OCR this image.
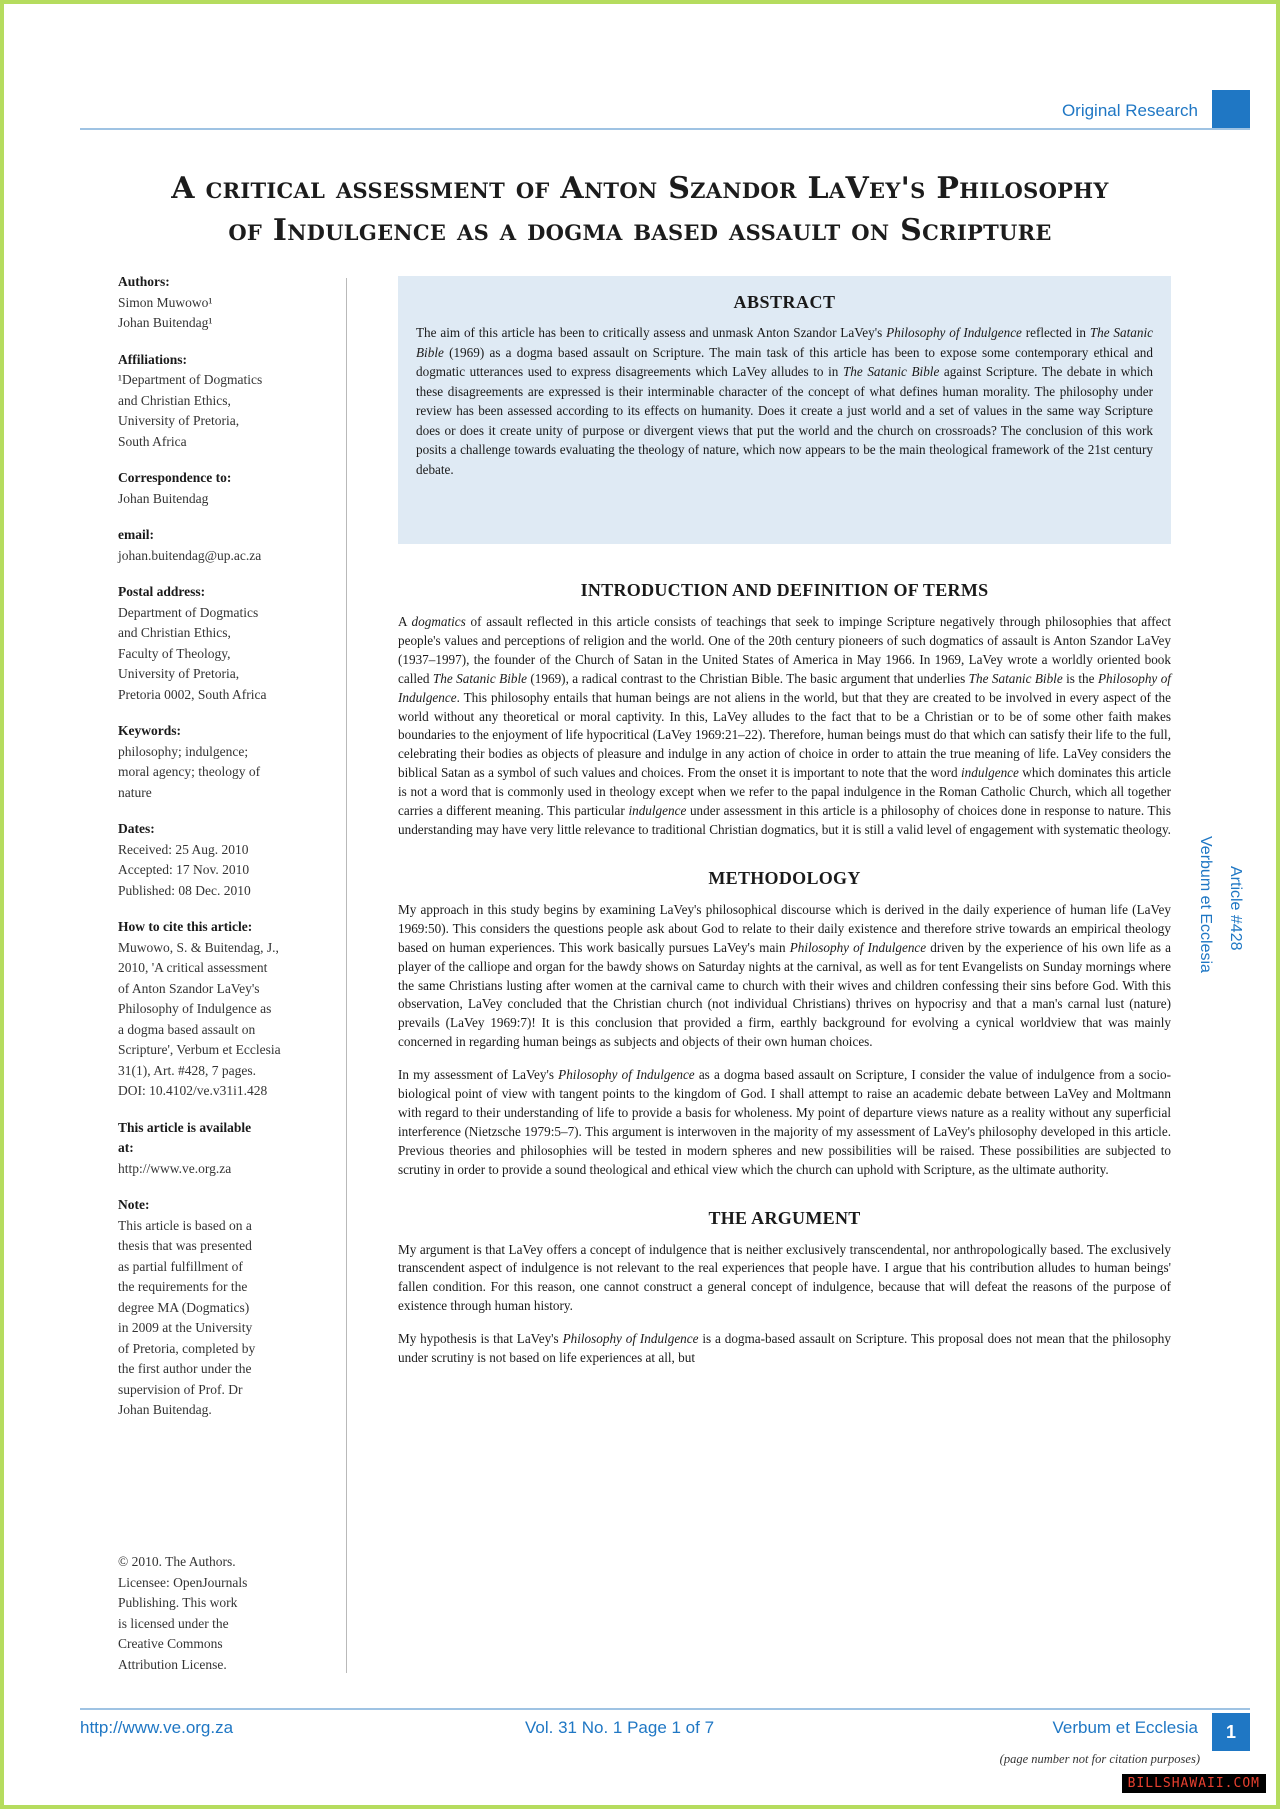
Original Research
A critical assessment of Anton Szandor LaVey's Philosophy
of Indulgence as a dogma based assault on Scripture
Authors:
Simon Muwowo¹
Johan Buitendag¹
Affiliations:
¹Department of Dogmatics
and Christian Ethics,
University of Pretoria,
South Africa
Correspondence to:
Johan Buitendag
email:
johan.buitendag@up.ac.za
Postal address:
Department of Dogmatics
and Christian Ethics,
Faculty of Theology,
University of Pretoria,
Pretoria 0002, South Africa
Keywords:
philosophy; indulgence;
moral agency; theology of
nature
Dates:
Received: 25 Aug. 2010
Accepted: 17 Nov. 2010
Published: 08 Dec. 2010
How to cite this article:
Muwowo, S. & Buitendag, J.,
2010, 'A critical assessment
of Anton Szandor LaVey's
Philosophy of Indulgence as
a dogma based assault on
Scripture', Verbum et Ecclesia
31(1), Art. #428, 7 pages.
DOI: 10.4102/ve.v31i1.428
This article is available
at:
http://www.ve.org.za
Note:
This article is based on a
thesis that was presented
as partial fulfillment of
the requirements for the
degree MA (Dogmatics)
in 2009 at the University
of Pretoria, completed by
the first author under the
supervision of Prof. Dr
Johan Buitendag.
© 2010. The Authors.
Licensee: OpenJournals
Publishing. This work
is licensed under the
Creative Commons
Attribution License.
ABSTRACT

The aim of this article has been to critically assess and unmask Anton Szandor LaVey's Philosophy of Indulgence reflected in The Satanic Bible (1969) as a dogma based assault on Scripture. The main task of this article has been to expose some contemporary ethical and dogmatic utterances used to express disagreements which LaVey alludes to in The Satanic Bible against Scripture. The debate in which these disagreements are expressed is their interminable character of the concept of what defines human morality. The philosophy under review has been assessed according to its effects on humanity. Does it create a just world and a set of values in the same way Scripture does or does it create unity of purpose or divergent views that put the world and the church on crossroads? The conclusion of this work posits a challenge towards evaluating the theology of nature, which now appears to be the main theological framework of the 21st century debate.

INTRODUCTION AND DEFINITION OF TERMS

A dogmatics of assault reflected in this article consists of teachings that seek to impinge Scripture negatively through philosophies that affect people's values and perceptions of religion and the world. One of the 20th century pioneers of such dogmatics of assault is Anton Szandor LaVey (1937–1997), the founder of the Church of Satan in the United States of America in May 1966. In 1969, LaVey wrote a worldly oriented book called The Satanic Bible (1969), a radical contrast to the Christian Bible. The basic argument that underlies The Satanic Bible is the Philosophy of Indulgence. This philosophy entails that human beings are not aliens in the world, but that they are created to be involved in every aspect of the world without any theoretical or moral captivity. In this, LaVey alludes to the fact that to be a Christian or to be of some other faith makes boundaries to the enjoyment of life hypocritical (LaVey 1969:21–22). Therefore, human beings must do that which can satisfy their life to the full, celebrating their bodies as objects of pleasure and indulge in any action of choice in order to attain the true meaning of life. LaVey considers the biblical Satan as a symbol of such values and choices. From the onset it is important to note that the word indulgence which dominates this article is not a word that is commonly used in theology except when we refer to the papal indulgence in the Roman Catholic Church, which all together carries a different meaning. This particular indulgence under assessment in this article is a philosophy of choices done in response to nature. This understanding may have very little relevance to traditional Christian dogmatics, but it is still a valid level of engagement with systematic theology.

METHODOLOGY

My approach in this study begins by examining LaVey's philosophical discourse which is derived in the daily experience of human life (LaVey 1969:50). This considers the questions people ask about God to relate to their daily existence and therefore strive towards an empirical theology based on human experiences. This work basically pursues LaVey's main Philosophy of Indulgence driven by the experience of his own life as a player of the calliope and organ for the bawdy shows on Saturday nights at the carnival, as well as for tent Evangelists on Sunday mornings where the same Christians lusting after women at the carnival came to church with their wives and children confessing their sins before God. With this observation, LaVey concluded that the Christian church (not individual Christians) thrives on hypocrisy and that a man's carnal lust (nature) prevails (LaVey 1969:7)! It is this conclusion that provided a firm, earthly background for evolving a cynical worldview that was mainly concerned in regarding human beings as subjects and objects of their own human choices.

In my assessment of LaVey's Philosophy of Indulgence as a dogma based assault on Scripture, I consider the value of indulgence from a socio-biological point of view with tangent points to the kingdom of God. I shall attempt to raise an academic debate between LaVey and Moltmann with regard to their understanding of life to provide a basis for wholeness. My point of departure views nature as a reality without any superficial interference (Nietzsche 1979:5–7). This argument is interwoven in the majority of my assessment of LaVey's philosophy developed in this article. Previous theories and philosophies will be tested in modern spheres and new possibilities will be raised. These possibilities are subjected to scrutiny in order to provide a sound theological and ethical view which the church can uphold with Scripture, as the ultimate authority.

THE ARGUMENT

My argument is that LaVey offers a concept of indulgence that is neither exclusively transcendental, nor anthropologically based. The exclusively transcendent aspect of indulgence is not relevant to the real experiences that people have. I argue that his contribution alludes to human beings' fallen condition. For this reason, one cannot construct a general concept of indulgence, because that will defeat the reasons of the purpose of existence through human history.

My hypothesis is that LaVey's Philosophy of Indulgence is a dogma-based assault on Scripture. This proposal does not mean that the philosophy under scrutiny is not based on life experiences at all, but

Article #428
Verbum et Ecclesia
http://www.ve.org.za	Vol. 31 No. 1 Page 1 of 7	Verbum et Ecclesia	1
(page number not for citation purposes)
BILLSHAWAII.COM
